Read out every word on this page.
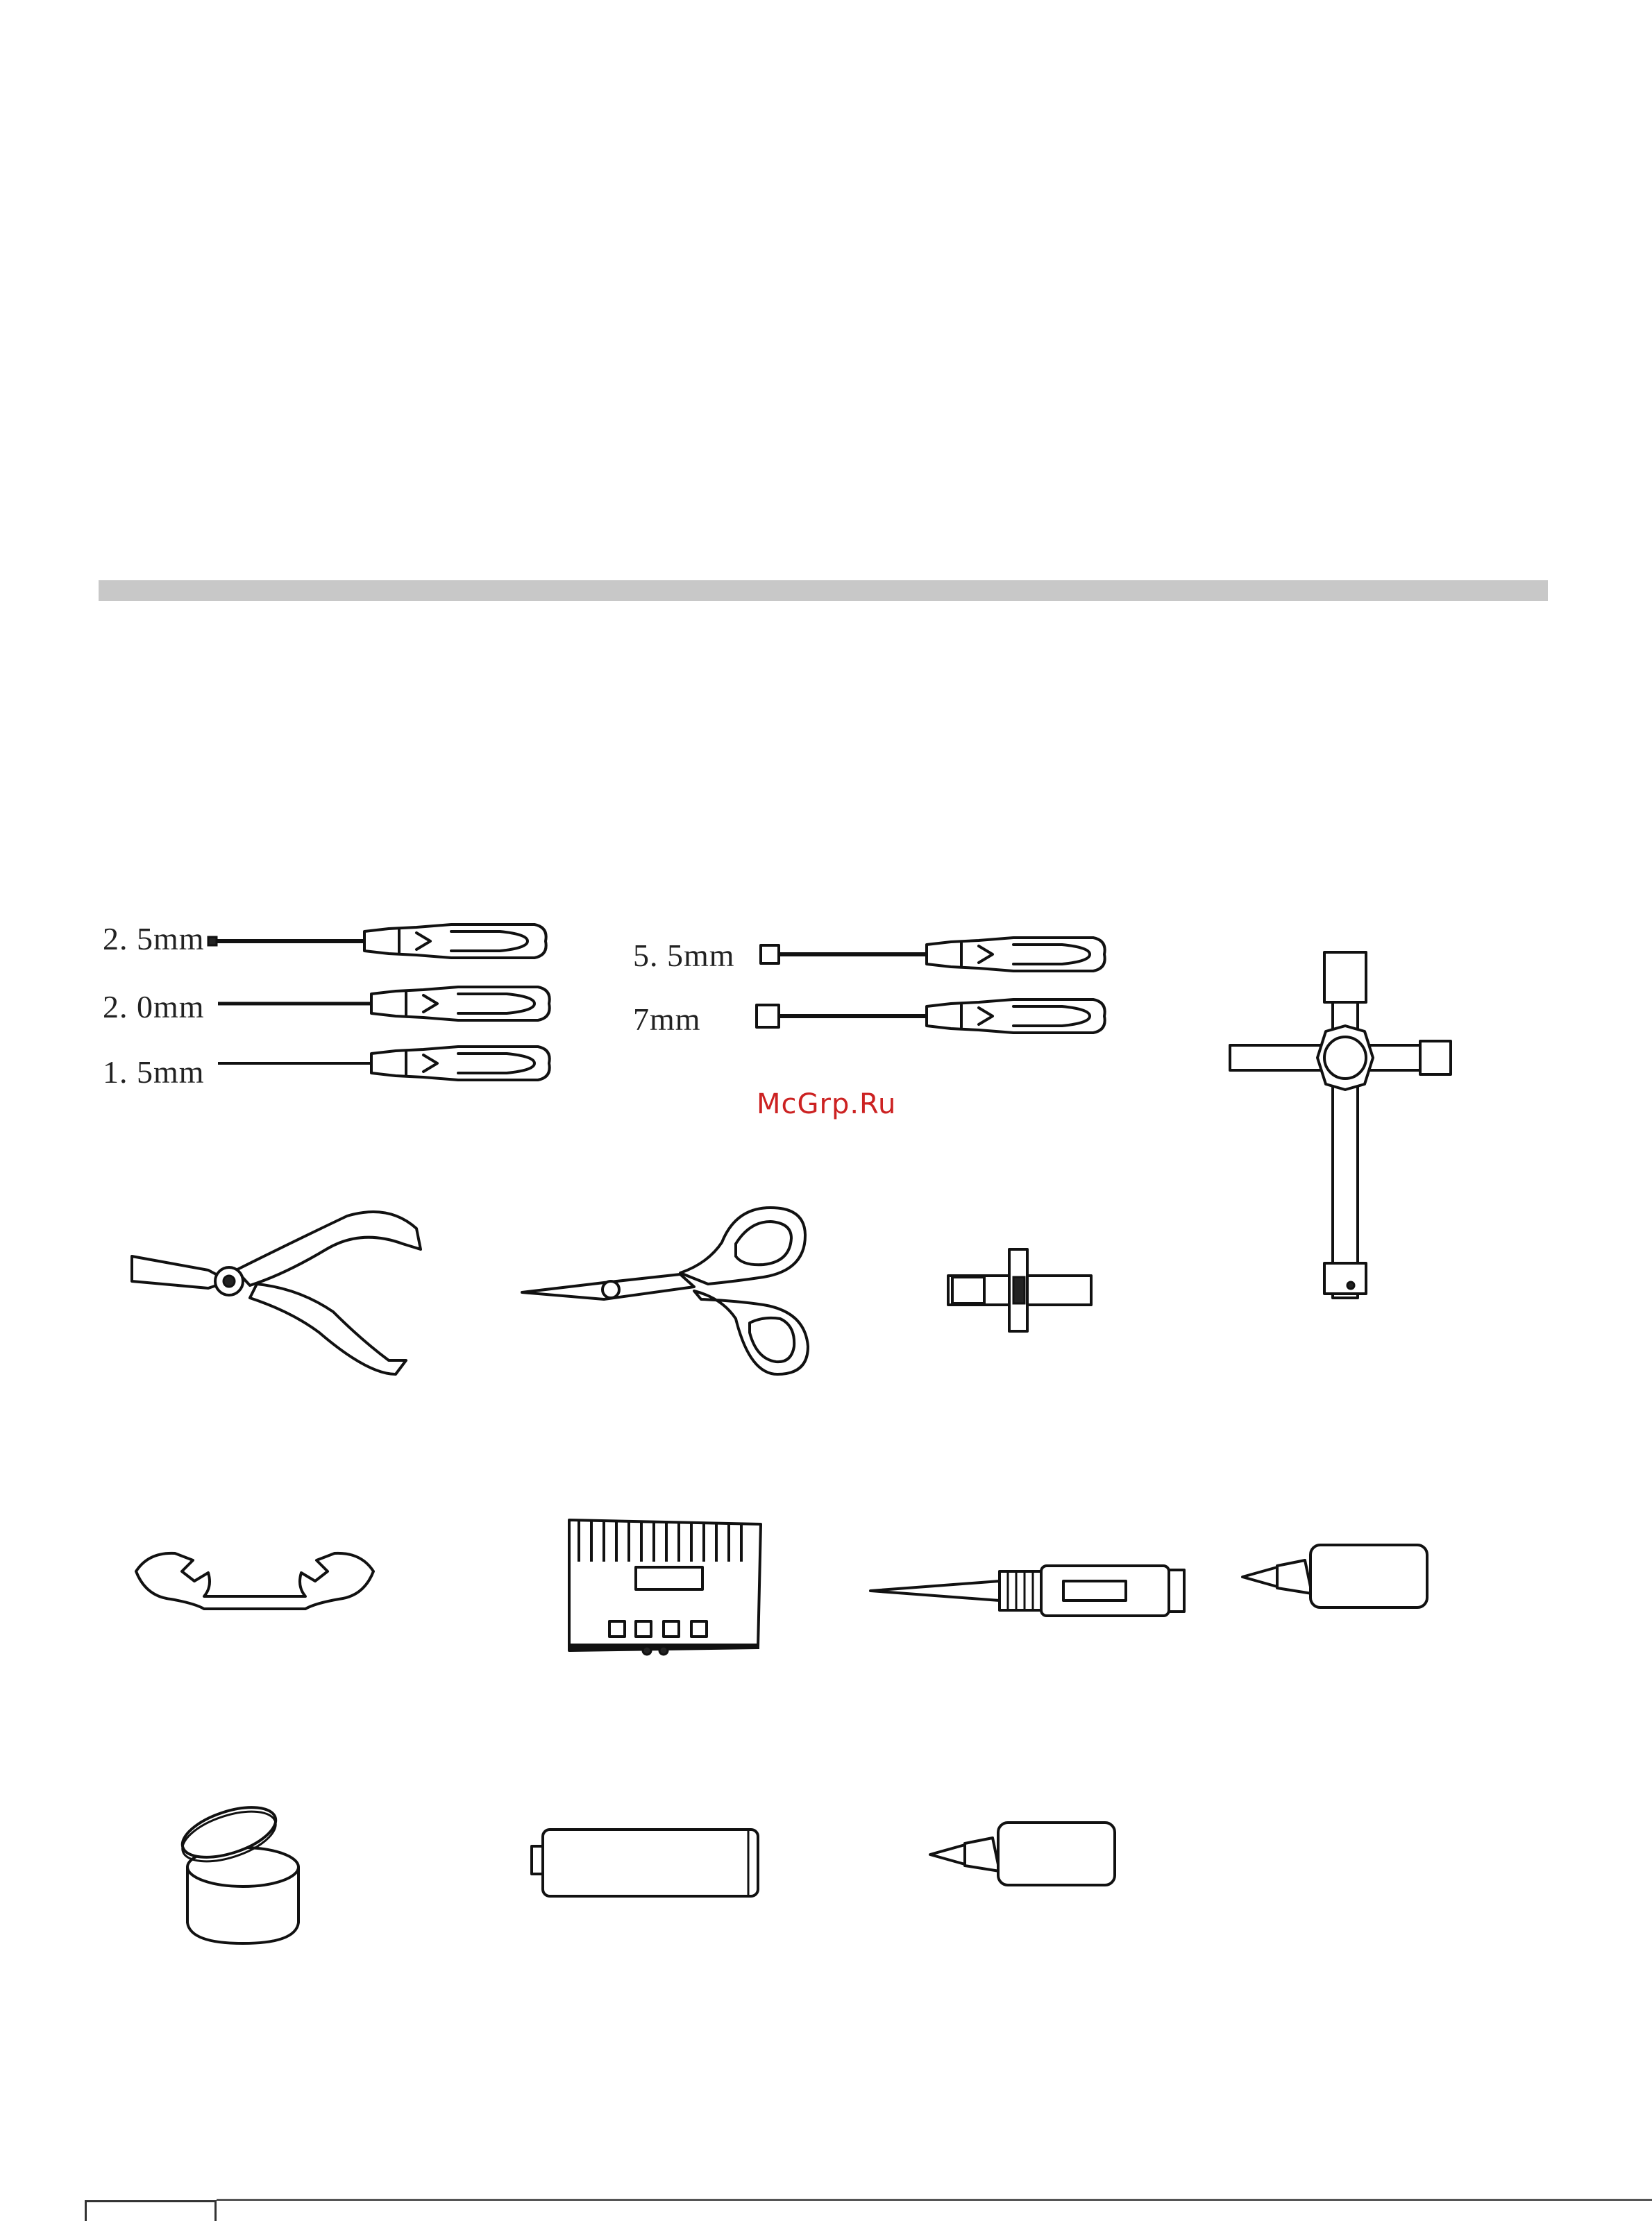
2. 5mm
2. 0mm
1. 5mm
5. 5mm
7mm
McGrp.Ru
